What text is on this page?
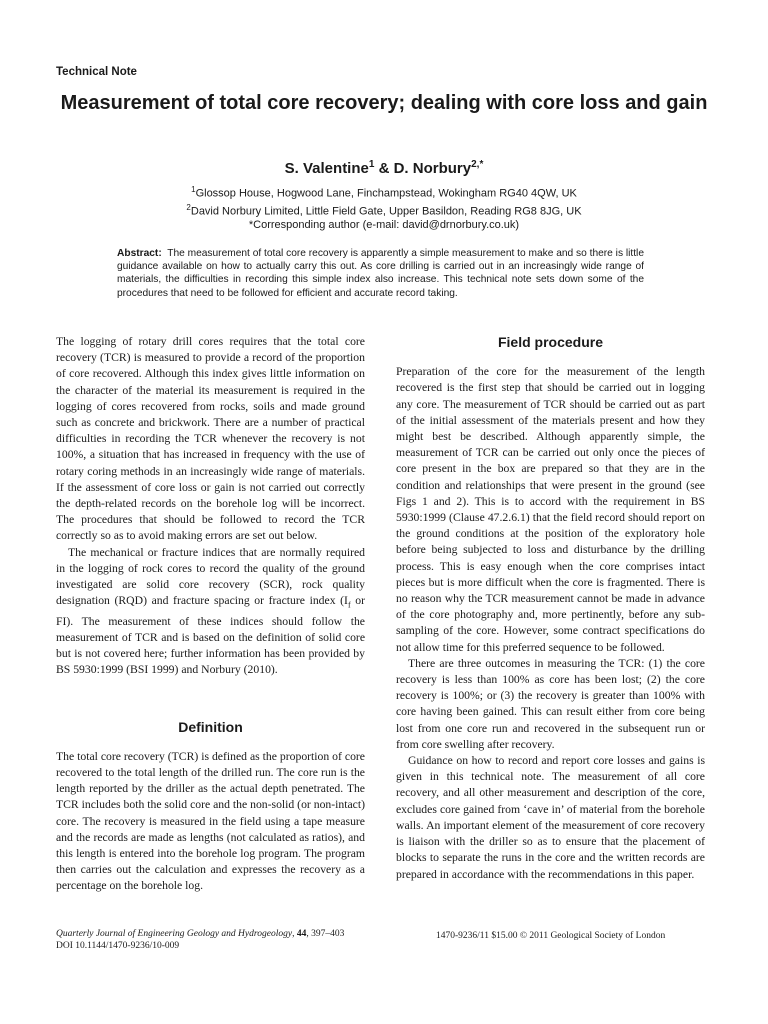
Technical Note
Measurement of total core recovery; dealing with core loss and gain
S. Valentine$^1$ & D. Norbury$^{2,*}$
$^1$Glossop House, Hogwood Lane, Finchampstead, Wokingham RG40 4QW, UK
$^2$David Norbury Limited, Little Field Gate, Upper Basildon, Reading RG8 8JG, UK
*Corresponding author (e-mail: david@drnorbury.co.uk)
Abstract: The measurement of total core recovery is apparently a simple measurement to make and so there is little guidance available on how to actually carry this out. As core drilling is carried out in an increasingly wide range of materials, the difficulties in recording this simple index also increase. This technical note sets down some of the procedures that need to be followed for efficient and accurate record taking.

The logging of rotary drill cores requires that the total core recovery (TCR) is measured to provide a record of the proportion of core recovered. Although this index gives little information on the character of the material its measurement is required in the logging of cores recovered from rocks, soils and made ground such as concrete and brickwork. There are a number of practical difficulties in recording the TCR whenever the recovery is not 100%, a situation that has increased in frequency with the use of rotary coring methods in an increasingly wide range of materials. If the assessment of core loss or gain is not carried out correctly the depth-related records on the borehole log will be incorrect. The procedures that should be followed to record the TCR correctly so as to avoid making errors are set out below.

The mechanical or fracture indices that are normally required in the logging of rock cores to record the quality of the ground investigated are solid core recovery (SCR), rock quality designation (RQD) and fracture spacing or fracture index ($I_f$ or FI). The measurement of these indices should follow the measurement of TCR and is based on the definition of solid core but is not covered here; further information has been provided by BS 5930:1999 (BSI 1999) and Norbury (2010).

Definition

The total core recovery (TCR) is defined as the proportion of core recovered to the total length of the drilled run. The core run is the length reported by the driller as the actual depth penetrated. The TCR includes both the solid core and the non-solid (or non-intact) core. The recovery is measured in the field using a tape measure and the records are made as lengths (not calculated as ratios), and this length is entered into the borehole log program. The program then carries out the calculation and expresses the recovery as a percentage on the borehole log.

Field procedure

Preparation of the core for the measurement of the length recovered is the first step that should be carried out in logging any core. The measurement of TCR should be carried out as part of the initial assessment of the materials present and how they might best be described. Although apparently simple, the measurement of TCR can be carried out only once the pieces of core present in the box are prepared so that they are in the condition and relationships that were present in the ground (see Figs 1 and 2). This is to accord with the requirement in BS 5930:1999 (Clause 47.2.6.1) that the field record should report on the ground conditions at the position of the exploratory hole before being subjected to loss and disturbance by the drilling process. This is easy enough when the core comprises intact pieces but is more difficult when the core is fragmented. There is no reason why the TCR measurement cannot be made in advance of the core photography and, more pertinently, before any sub-sampling of the core. However, some contract specifications do not allow time for this preferred sequence to be followed.

There are three outcomes in measuring the TCR: (1) the core recovery is less than 100% as core has been lost; (2) the core recovery is 100%; or (3) the recovery is greater than 100% with core having been gained. This can result either from core being lost from one core run and recovered in the subsequent run or from core swelling after recovery.

Guidance on how to record and report core losses and gains is given in this technical note. The measurement of all core recovery, and all other measurement and description of the core, excludes core gained from ‘cave in’ of material from the borehole walls. An important element of the measurement of core recovery is liaison with the driller so as to ensure that the placement of blocks to separate the runs in the core and the written records are prepared in accordance with the recommendations in this paper.

Quarterly Journal of Engineering Geology and Hydrogeology, 44, 397–403
DOI 10.1144/1470-9236/10-009
1470-9236/11 $15.00 © 2011 Geological Society of London
